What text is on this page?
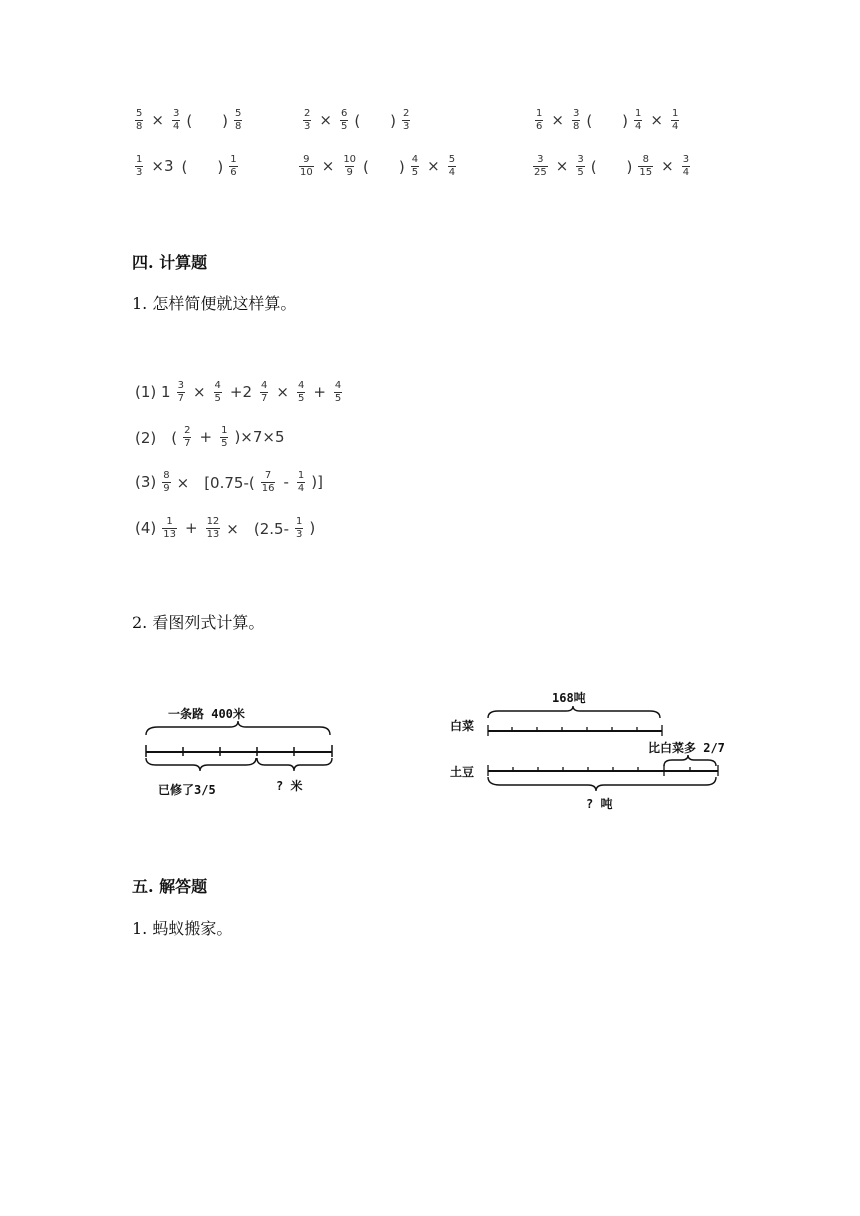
$\frac{5}{8} \times \frac{3}{4}$ (　　) $\frac{5}{8}$	$\frac{2}{3} \times \frac{6}{5}$ (　　) $\frac{2}{3}$	$\frac{1}{6} \times \frac{3}{8}$ (　　) $\frac{1}{4} \times \frac{1}{4}$
$\frac{1}{3} \times 3$ (　　) $\frac{1}{6}$	$\frac{9}{10} \times \frac{10}{9}$ (　　) $\frac{4}{5} \times \frac{5}{4}$	$\frac{3}{25} \times \frac{3}{5}$ (　　) $\frac{8}{15} \times \frac{3}{4}$
四. 计算题
1. 怎样简便就这样算。
(1) $1 \frac{3}{7} \times \frac{4}{5} +2 \frac{4}{7} \times \frac{4}{5} + \frac{4}{5}$
(2)　( $\frac{2}{7} + \frac{1}{5} )\times 7\times 5$
$(3) \frac{8}{9}$ ×　[$0.75-( \frac{7}{16} - \frac{1}{4}$ )]
$(4) \frac{1}{13} + \frac{12}{13}$ ×　($2.5- \frac{1}{3}$ )
2. 看图列式计算。
一条路 400米
已修了3/5	? 米
168吨
白菜
比白菜多 2/7
土豆
? 吨
五. 解答题
1. 蚂蚁搬家。
